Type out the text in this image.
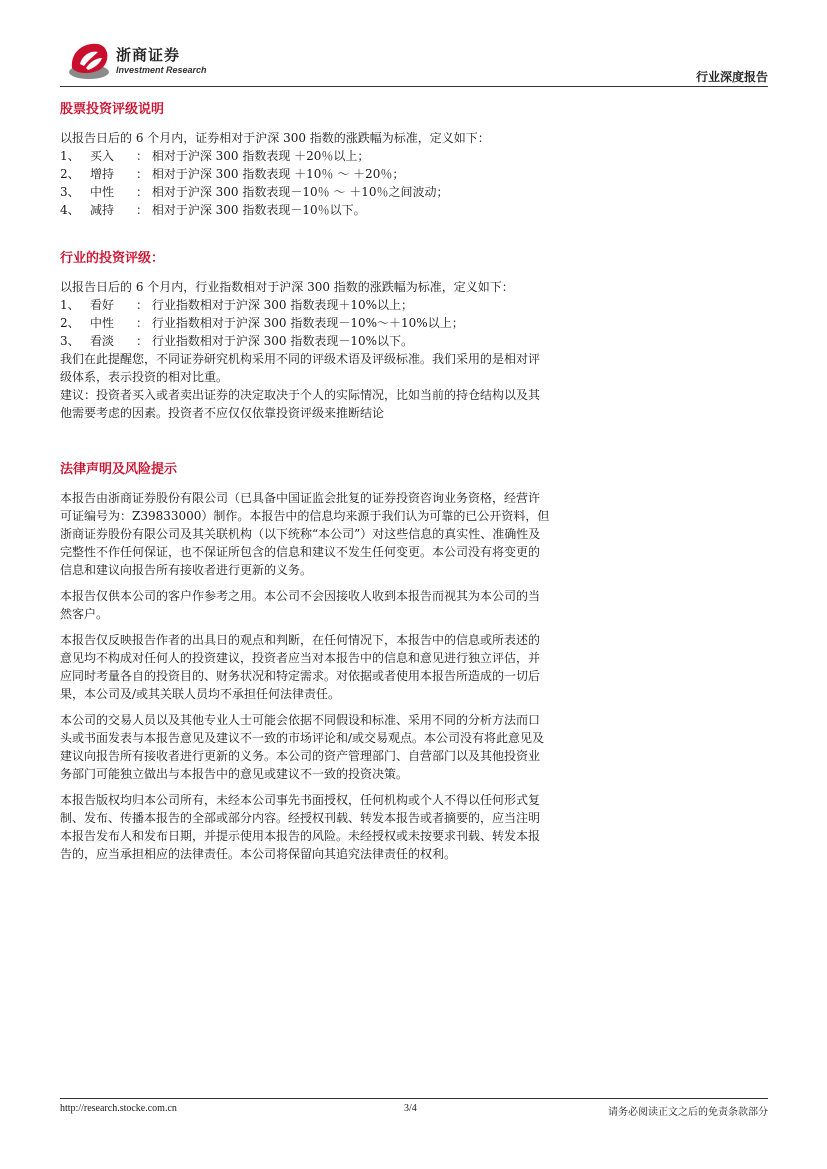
浙商证券
Investment Research	行业深度报告
股票投资评级说明

以报告日后的 6 个月内，证券相对于沪深 300 指数的涨跌幅为标准，定义如下：

1、 买入 ： 相对于沪深 300 指数表现 ＋20％以上；
2、 增持 ： 相对于沪深 300 指数表现 ＋10％ ～ ＋20％；
3、 中性 ： 相对于沪深 300 指数表现－10％ ～ ＋10％之间波动；
4、 减持 ： 相对于沪深 300 指数表现－10％以下。
行业的投资评级：

以报告日后的 6 个月内，行业指数相对于沪深 300 指数的涨跌幅为标准，定义如下：

1、 看好 ： 行业指数相对于沪深 300 指数表现＋10%以上；
2、 中性 ： 行业指数相对于沪深 300 指数表现－10%～＋10%以上；
3、 看淡 ： 行业指数相对于沪深 300 指数表现－10%以下。

我们在此提醒您，不同证券研究机构采用不同的评级术语及评级标准。我们采用的是相对评级体系，表示投资的相对比重。

建议：投资者买入或者卖出证券的决定取决于个人的实际情况，比如当前的持仓结构以及其他需要考虑的因素。投资者不应仅仅依靠投资评级来推断结论

法律声明及风险提示

本报告由浙商证券股份有限公司（已具备中国证监会批复的证券投资咨询业务资格，经营许可证编号为：Z39833000）制作。本报告中的信息均来源于我们认为可靠的已公开资料，但浙商证券股份有限公司及其关联机构（以下统称“本公司”）对这些信息的真实性、准确性及完整性不作任何保证，也不保证所包含的信息和建议不发生任何变更。本公司没有将变更的信息和建议向报告所有接收者进行更新的义务。

本报告仅供本公司的客户作参考之用。本公司不会因接收人收到本报告而视其为本公司的当然客户。

本报告仅反映报告作者的出具日的观点和判断，在任何情况下，本报告中的信息或所表述的意见均不构成对任何人的投资建议，投资者应当对本报告中的信息和意见进行独立评估，并应同时考量各自的投资目的、财务状况和特定需求。对依据或者使用本报告所造成的一切后果，本公司及/或其关联人员均不承担任何法律责任。

本公司的交易人员以及其他专业人士可能会依据不同假设和标准、采用不同的分析方法而口头或书面发表与本报告意见及建议不一致的市场评论和/或交易观点。本公司没有将此意见及建议向报告所有接收者进行更新的义务。本公司的资产管理部门、自营部门以及其他投资业务部门可能独立做出与本报告中的意见或建议不一致的投资决策。

本报告版权均归本公司所有，未经本公司事先书面授权，任何机构或个人不得以任何形式复制、发布、传播本报告的全部或部分内容。经授权刊载、转发本报告或者摘要的，应当注明本报告发布人和发布日期，并提示使用本报告的风险。未经授权或未按要求刊载、转发本报告的，应当承担相应的法律责任。本公司将保留向其追究法律责任的权利。

http://research.stocke.com.cn	3/4	请务必阅读正文之后的免责条款部分
